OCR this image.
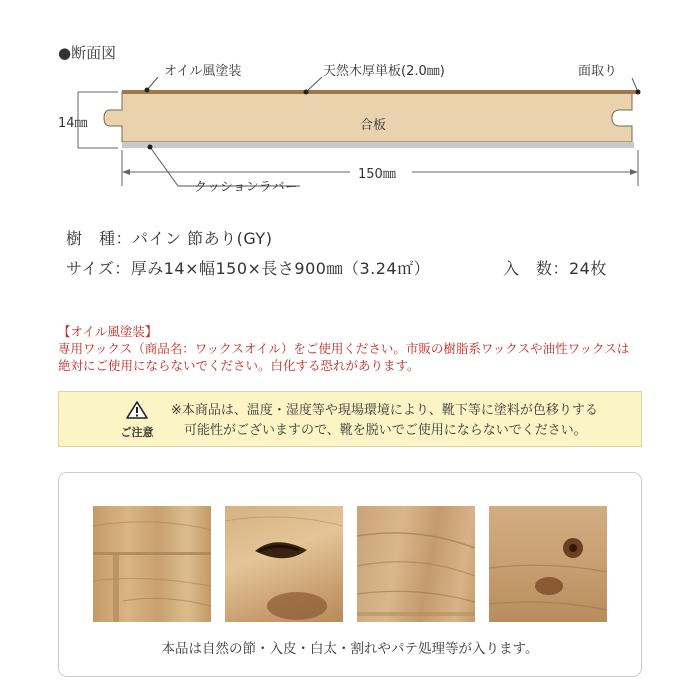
●断面図
オイル風塗装	天然木厚単板(2.0㎜)	面取り
合板
14㎜
150㎜
クッションラバー
樹　種：パイン 節あり(GY)
サイズ：厚み14×幅150×長さ900㎜（3.24㎡）	入　数：24枚
【オイル風塗装】
専用ワックス（商品名：ワックスオイル）をご使用ください。市販の樹脂系ワックスや油性ワックスは
絶対にご使用にならないでください。白化する恐れがあります。
ご注意
※本商品は、温度・湿度等や現場環境により、靴下等に塗料が色移りする
可能性がございますので、靴を脱いでご使用にならないでください。
本品は自然の節・入皮・白太・割れやパテ処理等が入ります。
